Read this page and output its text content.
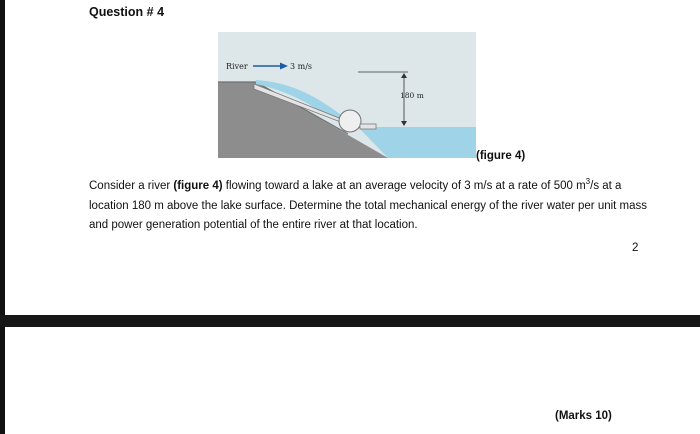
Question # 4
180 m
River	3 m/s
(figure 4)
Consider a river (figure 4) flowing toward a lake at an average velocity of 3 m/s at a rate of 500 $m^3/s$ at a location 180 m above the lake surface. Determine the total mechanical energy of the river water per unit mass and power generation potential of the entire river at that location.
2
(Marks 10)
